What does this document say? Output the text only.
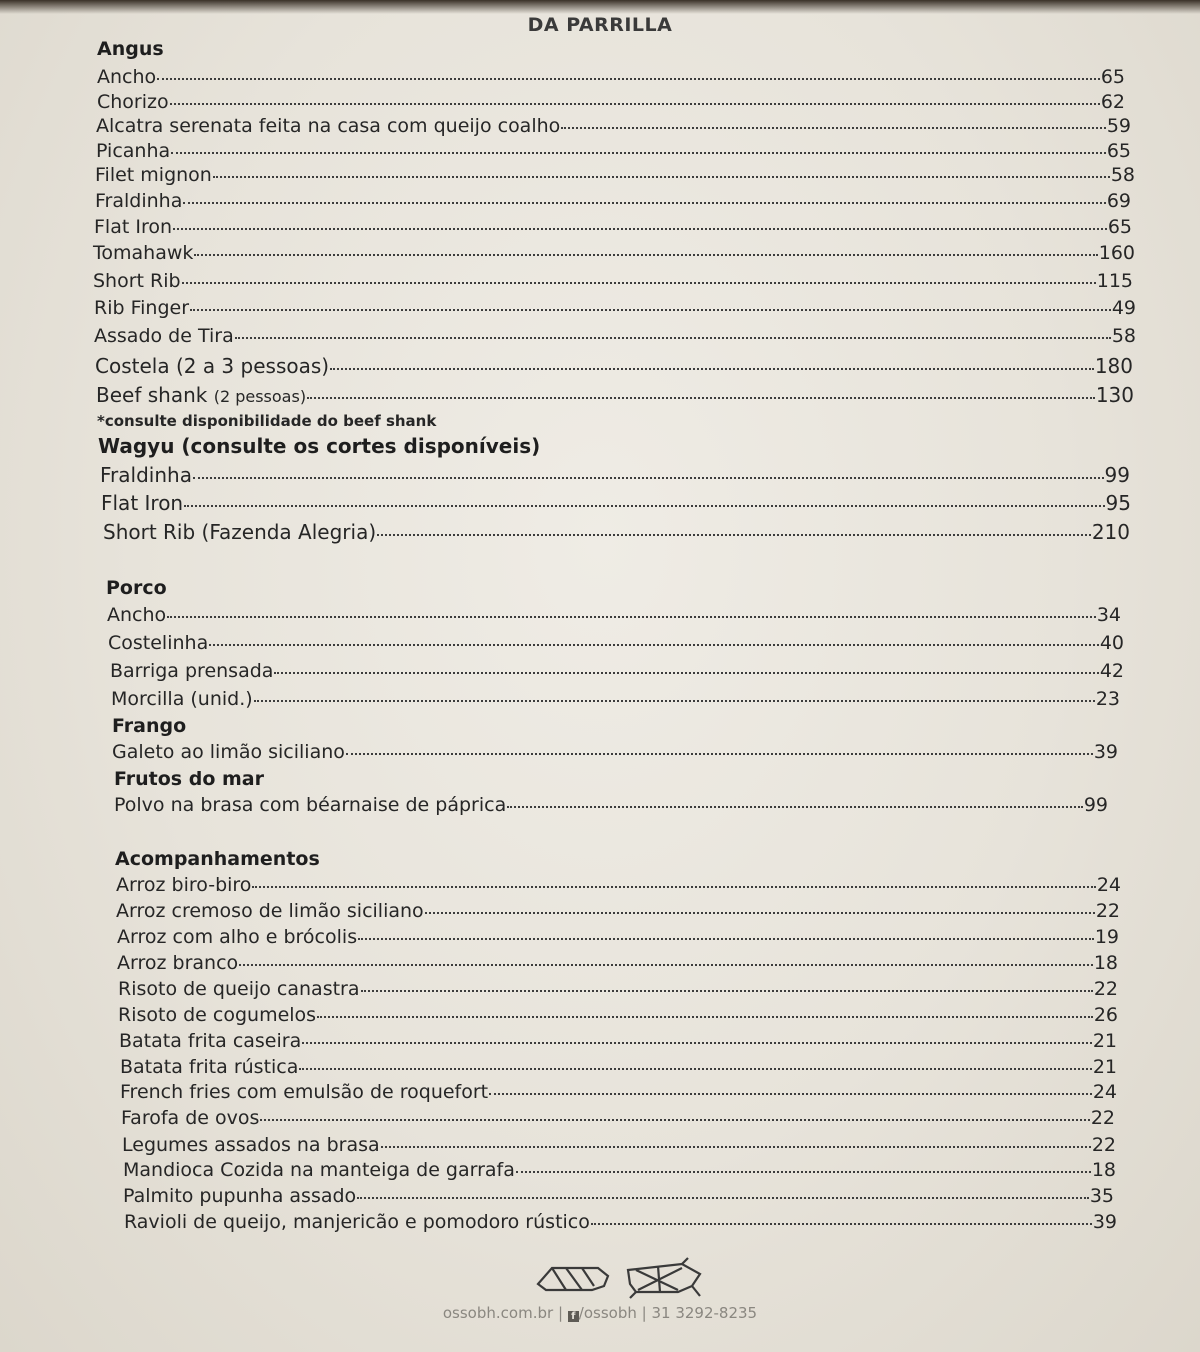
DA PARRILLA
Angus
Ancho	65
Chorizo	62
Alcatra serenata feita na casa com queijo coalho	59
Picanha	65
Filet mignon	58
Fraldinha	69
Flat Iron	65
Tomahawk	160
Short Rib	115
Rib Finger	49
Assado de Tira	58
Costela (2 a 3 pessoas)	180
Beef shank (2 pessoas)	130
*consulte disponibilidade do beef shank
Wagyu (consulte os cortes disponíveis)
Fraldinha	99
Flat Iron	95
Short Rib (Fazenda Alegria)	210
Porco
Ancho	34
Costelinha	40
Barriga prensada	42
Morcilla (unid.)	23
Frango
Galeto ao limão siciliano	39
Frutos do mar
Polvo na brasa com béarnaise de páprica	99
Acompanhamentos
Arroz biro-biro	24
Arroz cremoso de limão siciliano	22
Arroz com alho e brócolis	19
Arroz branco	18
Risoto de queijo canastra	22
Risoto de cogumelos	26
Batata frita caseira	21
Batata frita rústica	21
French fries com emulsão de roquefort	24
Farofa de ovos	22
Legumes assados na brasa	22
Mandioca Cozida na manteiga de garrafa	18
Palmito pupunha assado	35
Ravioli de queijo, manjericão e pomodoro rústico	39
ossobh.com.br | f /ossobh | 31 3292-8235
